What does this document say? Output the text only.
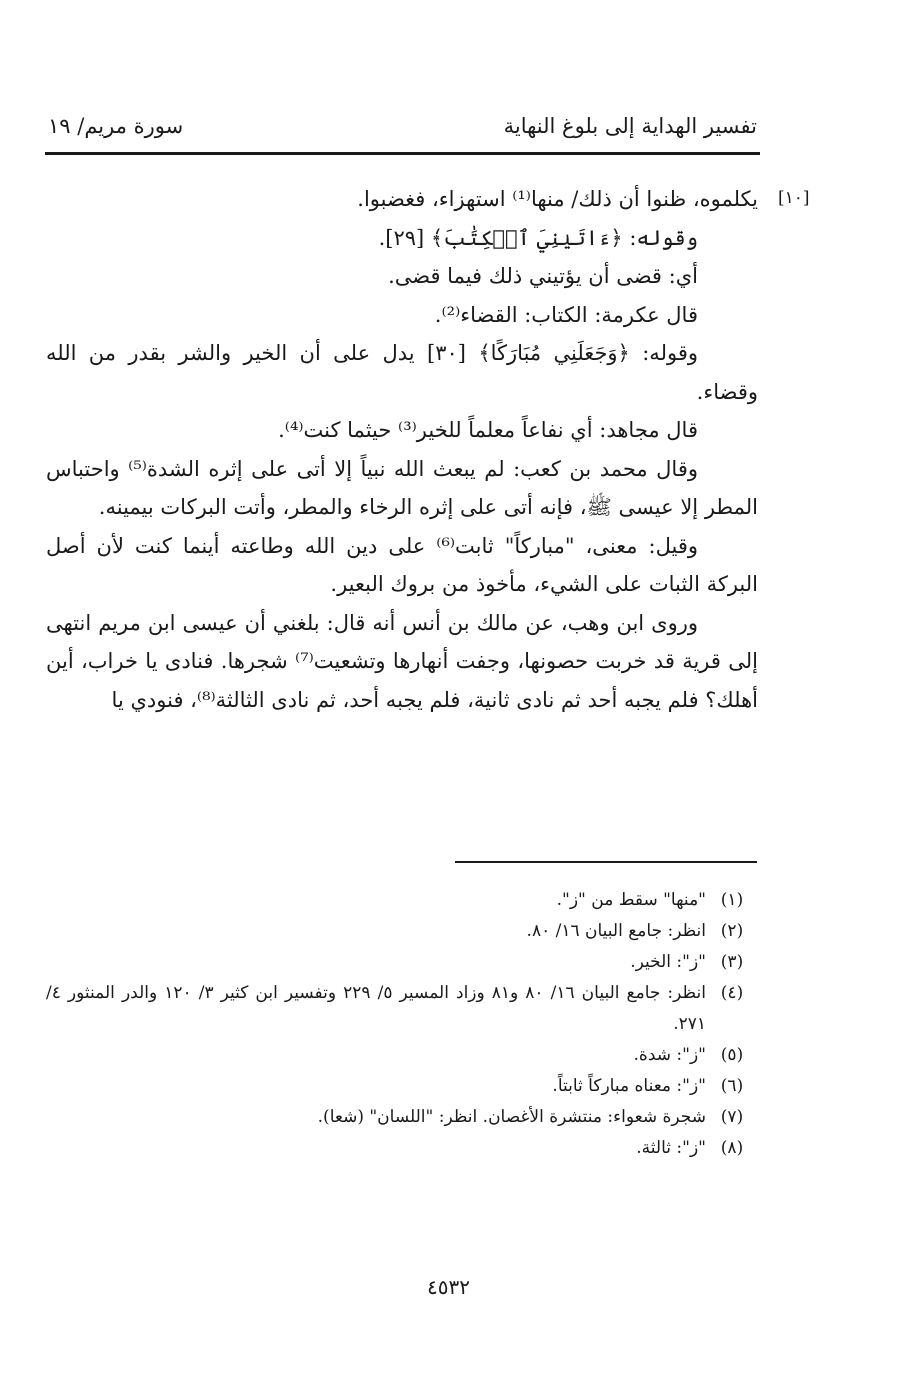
تفسير الهداية إلى بلوغ النهاية
سورة مريم/ ١٩
[١٠]

يكلموه، ظنوا أن ذلك/ منها⁽¹⁾ استهزاء، فغضبوا.

وقوله: ﴿ءَاتَيٰنِيَ ٱلۡكِتَٰبَ﴾ [٢٩].

أي: قضى أن يؤتيني ذلك فيما قضى.

قال عكرمة: الكتاب: القضاء⁽²⁾.

وقوله: ﴿وَجَعَلَنِي مُبَارَكًا﴾ [٣٠] يدل على أن الخير والشر بقدر من الله وقضاء.

قال مجاهد: أي نفاعاً معلماً للخير⁽³⁾ حيثما كنت⁽⁴⁾.

وقال محمد بن كعب: لم يبعث الله نبياً إلا أتى على إثره الشدة⁽⁵⁾ واحتباس المطر إلا عيسى ﷺ، فإنه أتى على إثره الرخاء والمطر، وأتت البركات بيمينه.

وقيل: معنى، "مباركاً" ثابت⁽⁶⁾ على دين الله وطاعته أينما كنت لأن أصل البركة الثبات على الشيء، مأخوذ من بروك البعير.

وروى ابن وهب، عن مالك بن أنس أنه قال: بلغني أن عيسى ابن مريم انتهى إلى قرية قد خربت حصونها، وجفت أنهارها وتشعيت⁽⁷⁾ شجرها. فنادى يا خراب، أين أهلك؟ فلم يجبه أحد ثم نادى ثانية، فلم يجبه أحد، ثم نادى الثالثة⁽⁸⁾، فنودي يا

(١)
"منها" سقط من "ز".
(٢)
انظر: جامع البيان ١٦/ ٨٠.
(٣)
"ز": الخير.
(٤)
انظر: جامع البيان ١٦/ ٨٠ و٨١ وزاد المسير ٥/ ٢٢٩ وتفسير ابن كثير ٣/ ١٢٠ والدر المنثور ٤/ ٢٧١.
(٥)
"ز": شدة.
(٦)
"ز": معناه مباركاً ثابتاً.
(٧)
شجرة شعواء: منتشرة الأغصان. انظر: "اللسان" (شعا).
(٨)
"ز": ثالثة.
٤٥٣٢
